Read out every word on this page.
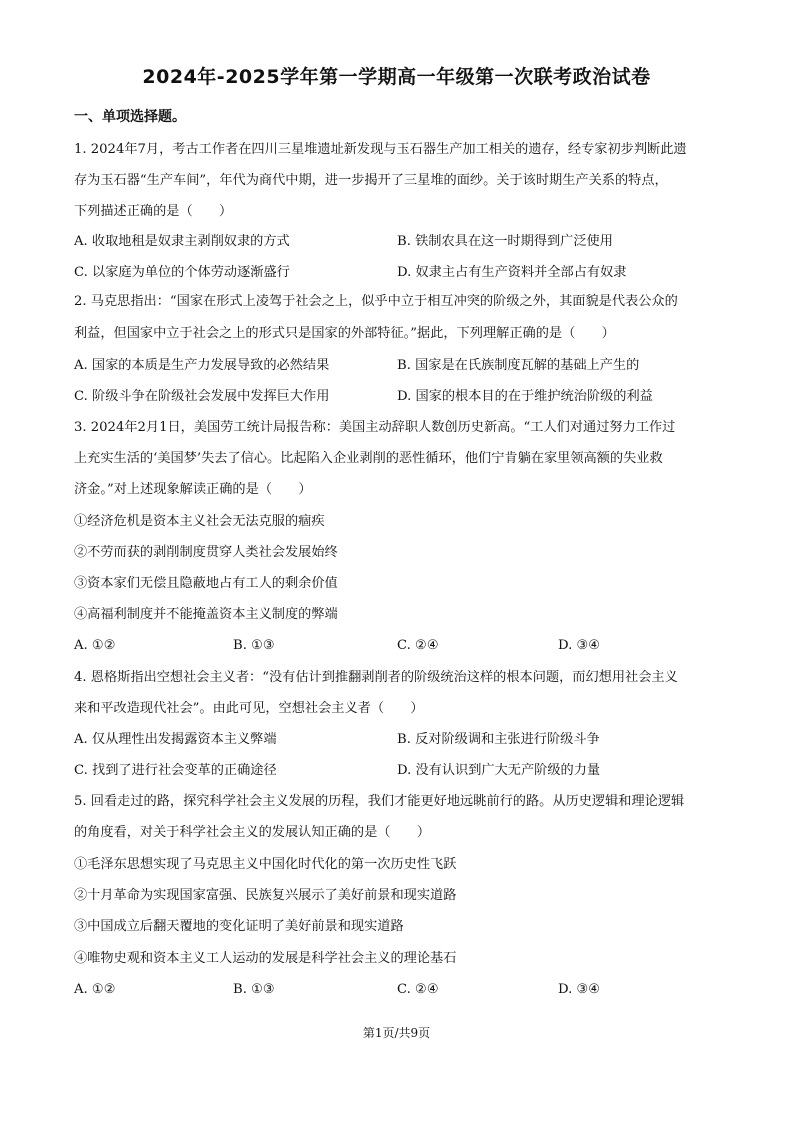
2024年-2025学年第一学期高一年级第一次联考政治试卷
一、单项选择题。
1. 2024年7月，考古工作者在四川三星堆遗址新发现与玉石器生产加工相关的遗存，经专家初步判断此遗
存为玉石器“生产车间”，年代为商代中期，进一步揭开了三星堆的面纱。关于该时期生产关系的特点，
下列描述正确的是（　　）
A. 收取地租是奴隶主剥削奴隶的方式	B. 铁制农具在这一时期得到广泛使用
C. 以家庭为单位的个体劳动逐渐盛行	D. 奴隶主占有生产资料并全部占有奴隶
2. 马克思指出：“国家在形式上凌驾于社会之上，似乎中立于相互冲突的阶级之外，其面貌是代表公众的
利益，但国家中立于社会之上的形式只是国家的外部特征。”据此，下列理解正确的是（　　）
A. 国家的本质是生产力发展导致的必然结果	B. 国家是在氏族制度瓦解的基础上产生的
C. 阶级斗争在阶级社会发展中发挥巨大作用	D. 国家的根本目的在于维护统治阶级的利益
3. 2024年2月1日，美国劳工统计局报告称：美国主动辞职人数创历史新高。“工人们对通过努力工作过
上充实生活的‘美国梦’失去了信心。比起陷入企业剥削的恶性循环，他们宁肯躺在家里领高额的失业救
济金。”对上述现象解读正确的是（　　）
①经济危机是资本主义社会无法克服的痼疾
②不劳而获的剥削制度贯穿人类社会发展始终
③资本家们无偿且隐蔽地占有工人的剩余价值
④高福利制度并不能掩盖资本主义制度的弊端
A. ①②	B. ①③	C. ②④	D. ③④
4. 恩格斯指出空想社会主义者：“没有估计到推翻剥削者的阶级统治这样的根本问题，而幻想用社会主义
来和平改造现代社会”。由此可见，空想社会主义者（　　）
A. 仅从理性出发揭露资本主义弊端	B. 反对阶级调和主张进行阶级斗争
C. 找到了进行社会变革的正确途径	D. 没有认识到广大无产阶级的力量
5. 回看走过的路，探究科学社会主义发展的历程，我们才能更好地远眺前行的路。从历史逻辑和理论逻辑
的角度看，对关于科学社会主义的发展认知正确的是（　　）
①毛泽东思想实现了马克思主义中国化时代化的第一次历史性飞跃
②十月革命为实现国家富强、民族复兴展示了美好前景和现实道路
③中国成立后翻天覆地的变化证明了美好前景和现实道路
④唯物史观和资本主义工人运动的发展是科学社会主义的理论基石
A. ①②	B. ①③	C. ②④	D. ③④
第1页/共9页
